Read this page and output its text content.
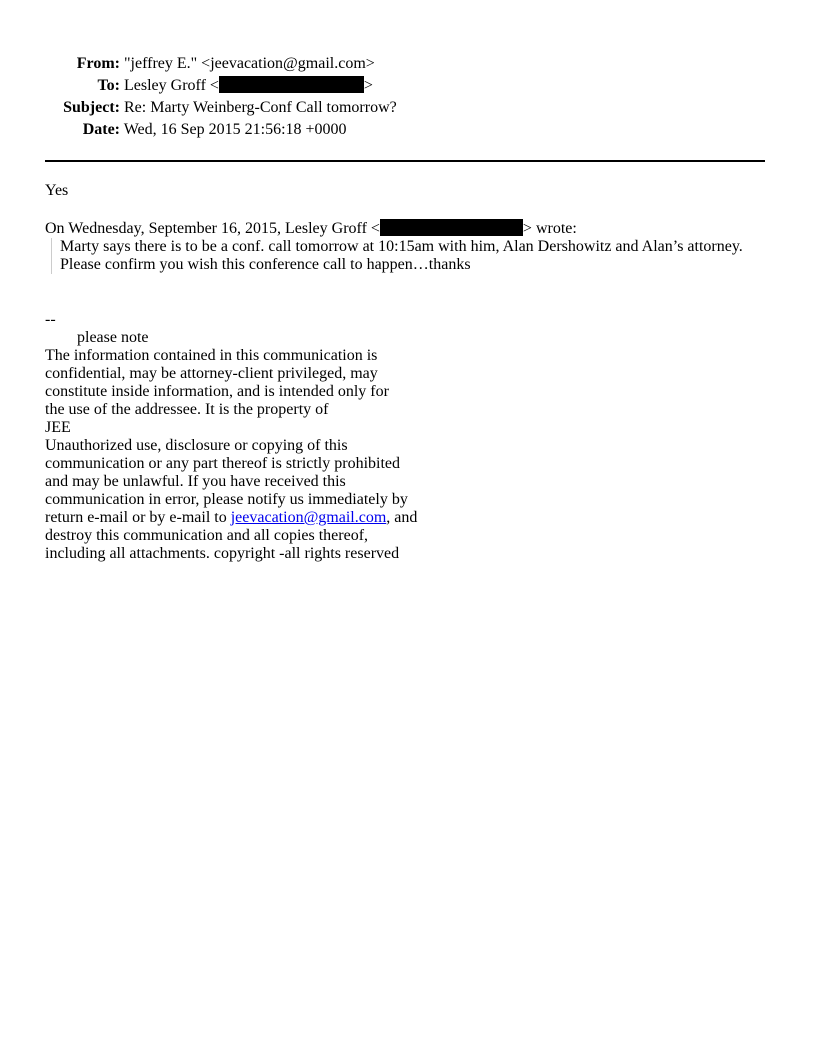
From: "jeffrey E." <jeevacation@gmail.com>
To: Lesley Groff <	>
Subject: Re: Marty Weinberg-Conf Call tomorrow?
Date: Wed, 16 Sep 2015 21:56:18 +0000
Yes
On Wednesday, September 16, 2015, Lesley Groff <	> wrote:
Marty says there is to be a conf. call tomorrow at 10:15am with him, Alan Dershowitz and Alan’s attorney.
Please confirm you wish this conference call to happen…thanks
--
please note
The information contained in this communication is
confidential, may be attorney-client privileged, may
constitute inside information, and is intended only for
the use of the addressee. It is the property of
JEE
Unauthorized use, disclosure or copying of this
communication or any part thereof is strictly prohibited
and may be unlawful. If you have received this
communication in error, please notify us immediately by
return e-mail or by e-mail to jeevacation@gmail.com, and
destroy this communication and all copies thereof,
including all attachments. copyright -all rights reserved
